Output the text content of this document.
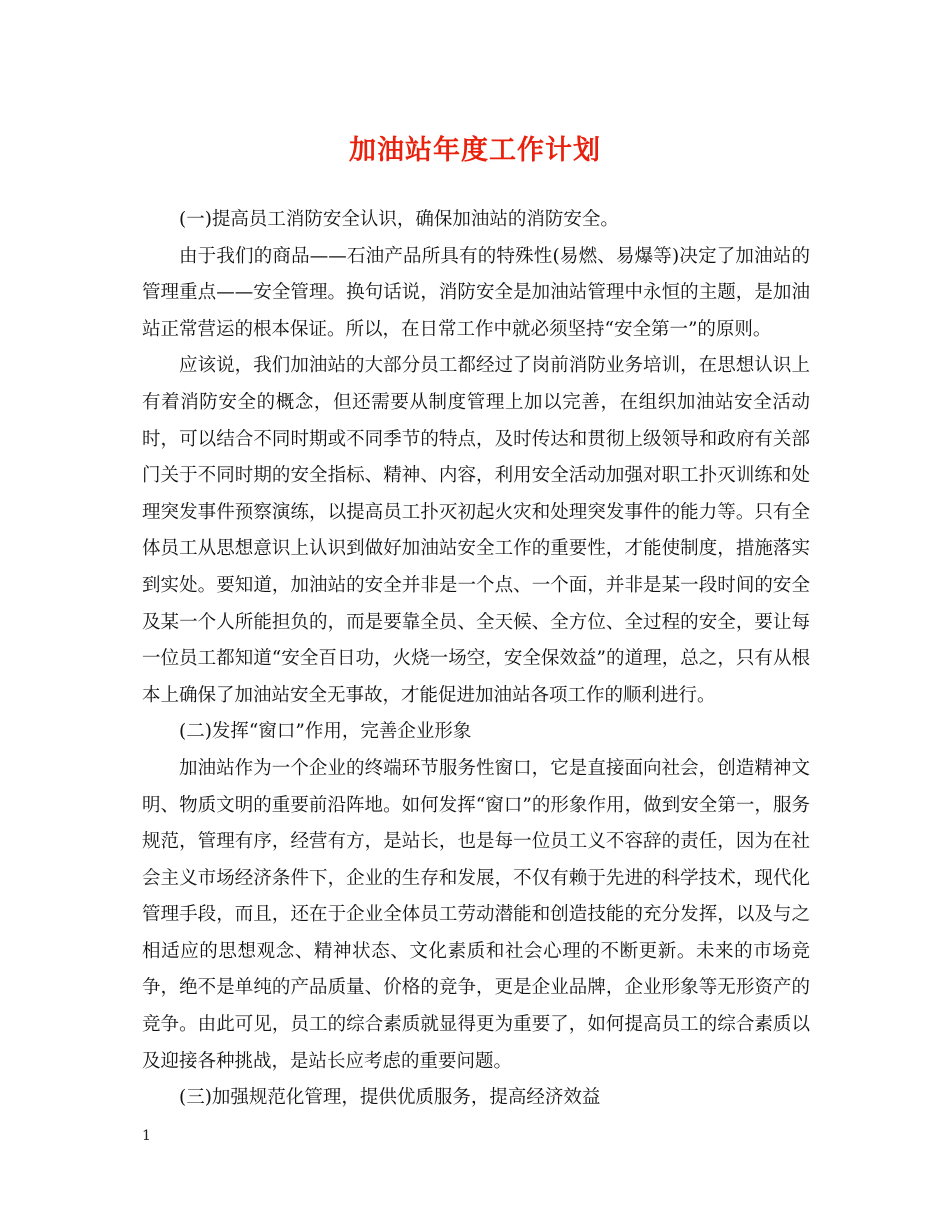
加油站年度工作计划

(一)提高员工消防安全认识，确保加油站的消防安全。

由于我们的商品——石油产品所具有的特殊性(易燃、易爆等)决定了加油站的管理重点——安全管理。换句话说，消防安全是加油站管理中永恒的主题，是加油站正常营运的根本保证。所以，在日常工作中就必须坚持“安全第一”的原则。

应该说，我们加油站的大部分员工都经过了岗前消防业务培训，在思想认识上有着消防安全的概念，但还需要从制度管理上加以完善，在组织加油站安全活动时，可以结合不同时期或不同季节的特点，及时传达和贯彻上级领导和政府有关部门关于不同时期的安全指标、精神、内容，利用安全活动加强对职工扑灭训练和处理突发事件预察演练，以提高员工扑灭初起火灾和处理突发事件的能力等。只有全体员工从思想意识上认识到做好加油站安全工作的重要性，才能使制度，措施落实到实处。要知道，加油站的安全并非是一个点、一个面，并非是某一段时间的安全及某一个人所能担负的，而是要靠全员、全天候、全方位、全过程的安全，要让每一位员工都知道“安全百日功，火烧一场空，安全保效益”的道理，总之，只有从根本上确保了加油站安全无事故，才能促进加油站各项工作的顺利进行。

(二)发挥“窗口”作用，完善企业形象

加油站作为一个企业的终端环节服务性窗口，它是直接面向社会，创造精神文明、物质文明的重要前沿阵地。如何发挥“窗口”的形象作用，做到安全第一，服务规范，管理有序，经营有方，是站长，也是每一位员工义不容辞的责任，因为在社会主义市场经济条件下，企业的生存和发展，不仅有赖于先进的科学技术，现代化管理手段，而且，还在于企业全体员工劳动潜能和创造技能的充分发挥，以及与之相适应的思想观念、精神状态、文化素质和社会心理的不断更新。未来的市场竞争，绝不是单纯的产品质量、价格的竞争，更是企业品牌，企业形象等无形资产的竞争。由此可见，员工的综合素质就显得更为重要了，如何提高员工的综合素质以及迎接各种挑战，是站长应考虑的重要问题。

(三)加强规范化管理，提供优质服务，提高经济效益

1
